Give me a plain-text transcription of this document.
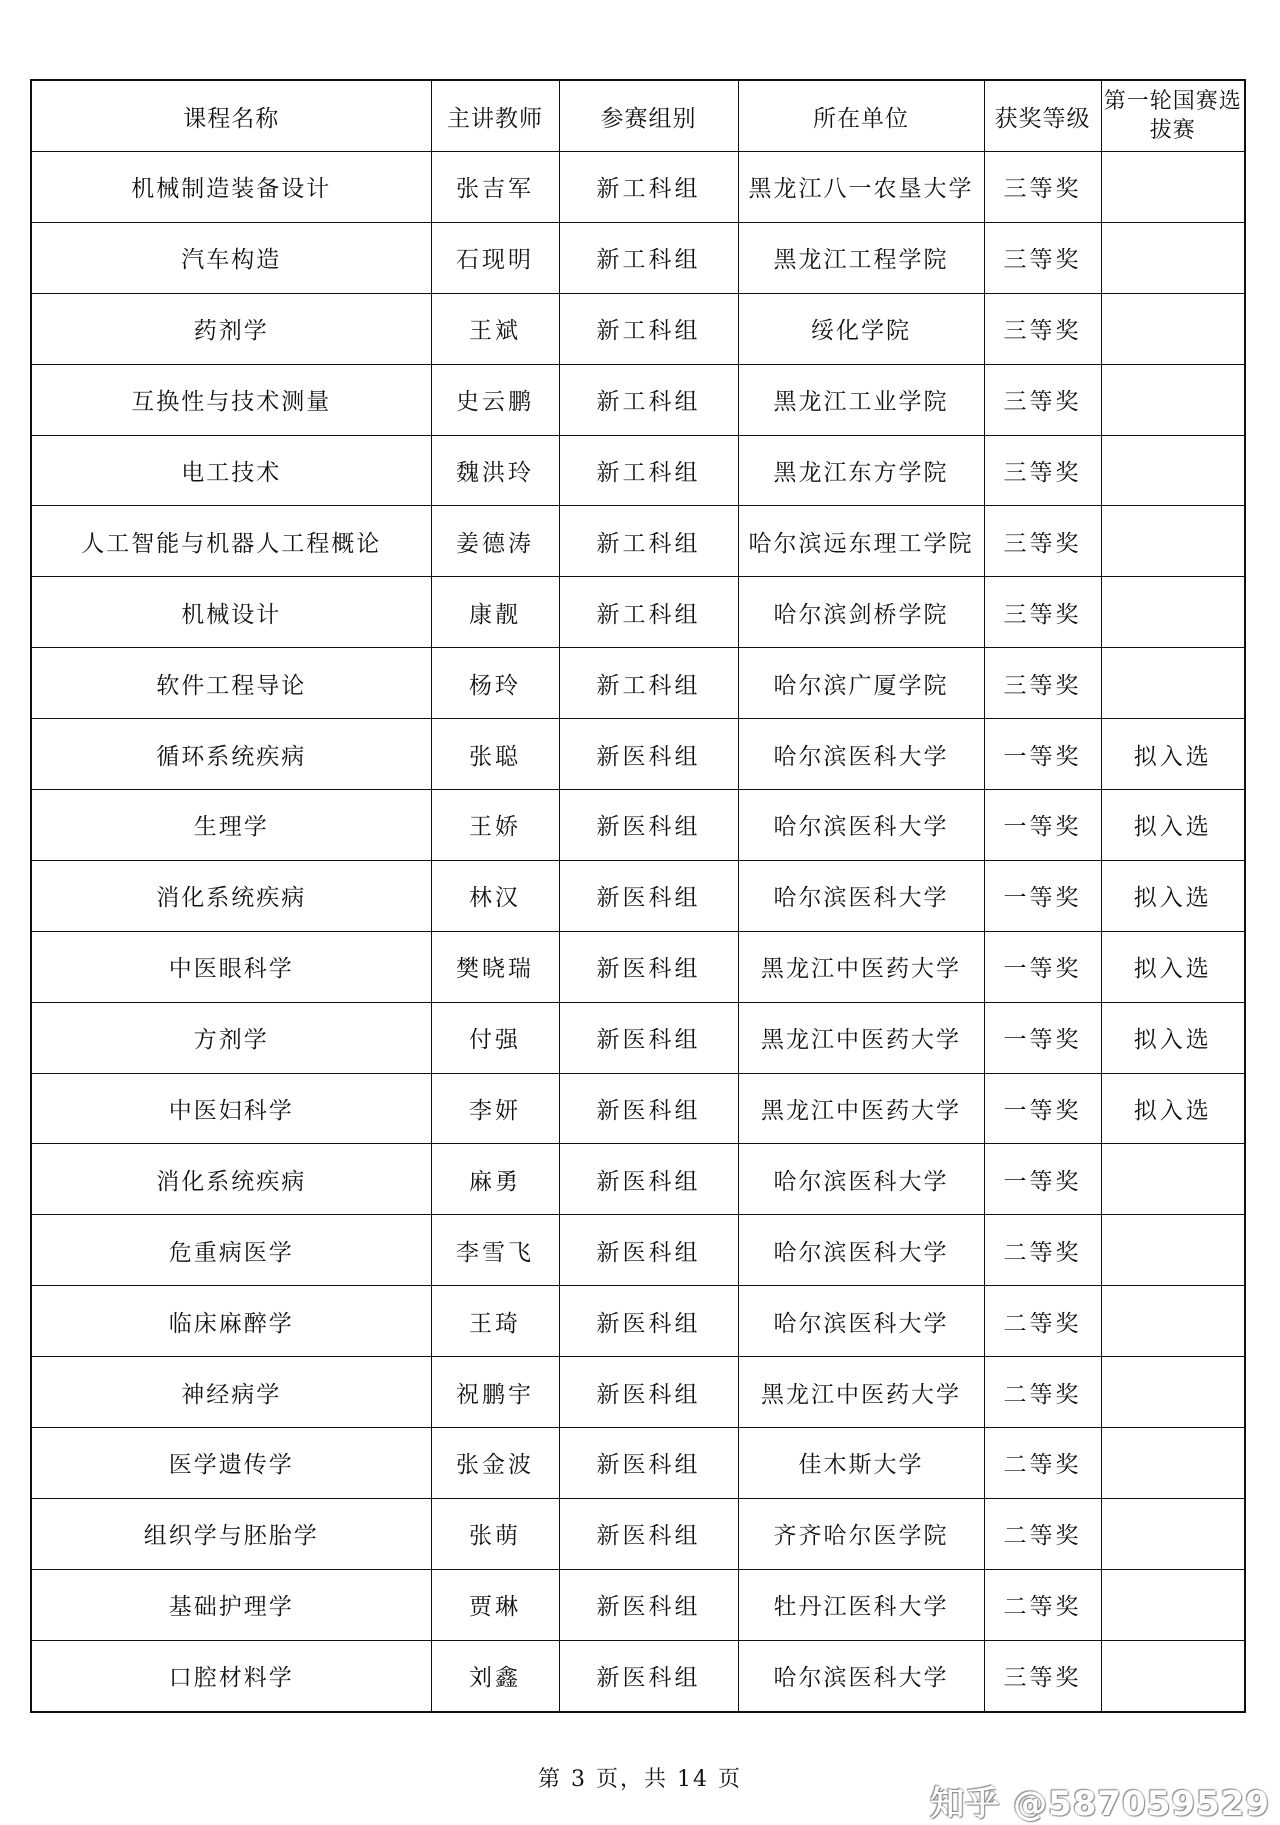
课程名称	主讲教师	参赛组别	所在单位	获奖等级	第一轮国赛选拔赛
机械制造装备设计	张吉军	新工科组	黑龙江八一农垦大学	三等奖	
汽车构造	石现明	新工科组	黑龙江工程学院	三等奖	
药剂学	王斌	新工科组	绥化学院	三等奖	
互换性与技术测量	史云鹏	新工科组	黑龙江工业学院	三等奖	
电工技术	魏洪玲	新工科组	黑龙江东方学院	三等奖	
人工智能与机器人工程概论	姜德涛	新工科组	哈尔滨远东理工学院	三等奖	
机械设计	康靓	新工科组	哈尔滨剑桥学院	三等奖	
软件工程导论	杨玲	新工科组	哈尔滨广厦学院	三等奖	
循环系统疾病	张聪	新医科组	哈尔滨医科大学	一等奖	拟入选
生理学	王娇	新医科组	哈尔滨医科大学	一等奖	拟入选
消化系统疾病	林汉	新医科组	哈尔滨医科大学	一等奖	拟入选
中医眼科学	樊晓瑞	新医科组	黑龙江中医药大学	一等奖	拟入选
方剂学	付强	新医科组	黑龙江中医药大学	一等奖	拟入选
中医妇科学	李妍	新医科组	黑龙江中医药大学	一等奖	拟入选
消化系统疾病	麻勇	新医科组	哈尔滨医科大学	一等奖	
危重病医学	李雪飞	新医科组	哈尔滨医科大学	二等奖	
临床麻醉学	王琦	新医科组	哈尔滨医科大学	二等奖	
神经病学	祝鹏宇	新医科组	黑龙江中医药大学	二等奖	
医学遗传学	张金波	新医科组	佳木斯大学	二等奖	
组织学与胚胎学	张萌	新医科组	齐齐哈尔医学院	二等奖	
基础护理学	贾琳	新医科组	牡丹江医科大学	二等奖	
口腔材料学	刘鑫	新医科组	哈尔滨医科大学	三等奖	
第 3 页，共 14 页
知乎 @587059529
